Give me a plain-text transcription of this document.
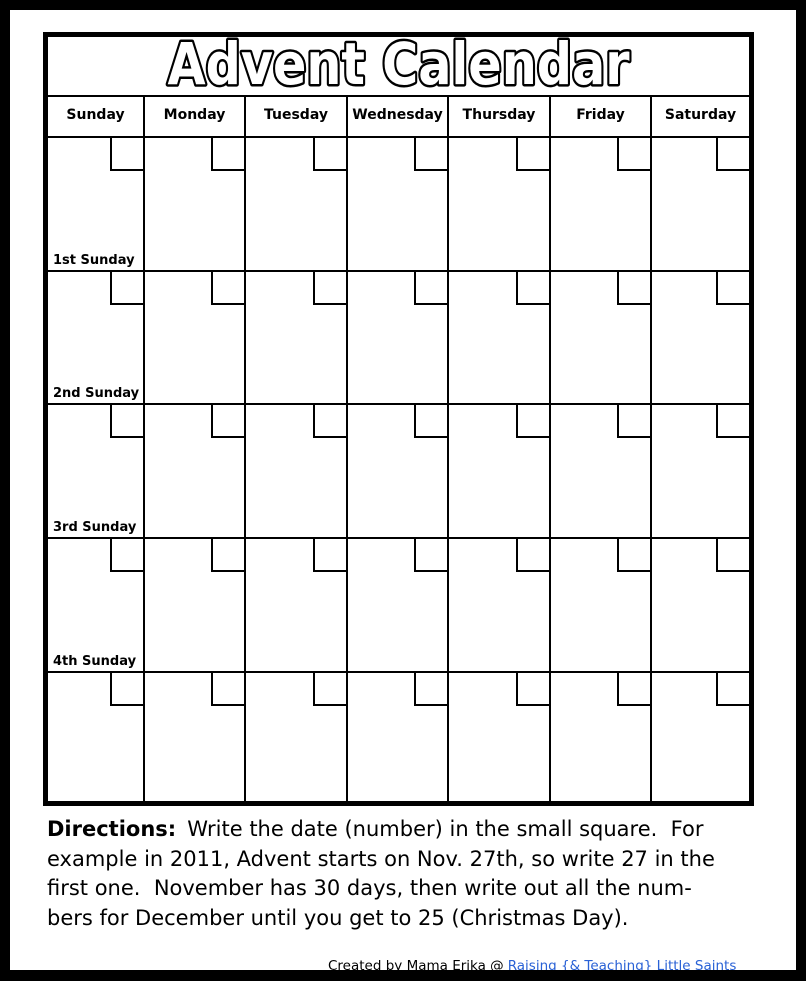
Advent Calendar
Sunday	Monday	Tuesday	Wednesday	Thursday	Friday	Saturday
1st Sunday
2nd Sunday
3rd Sunday
4th Sunday
Directions: Write the date (number) in the small square.  For
example in 2011, Advent starts on Nov. 27th, so write 27 in the
first one.  November has 30 days, then write out all the num-
bers for December until you get to 25 (Christmas Day).
Created by Mama Erika @ Raising {& Teaching} Little Saints
